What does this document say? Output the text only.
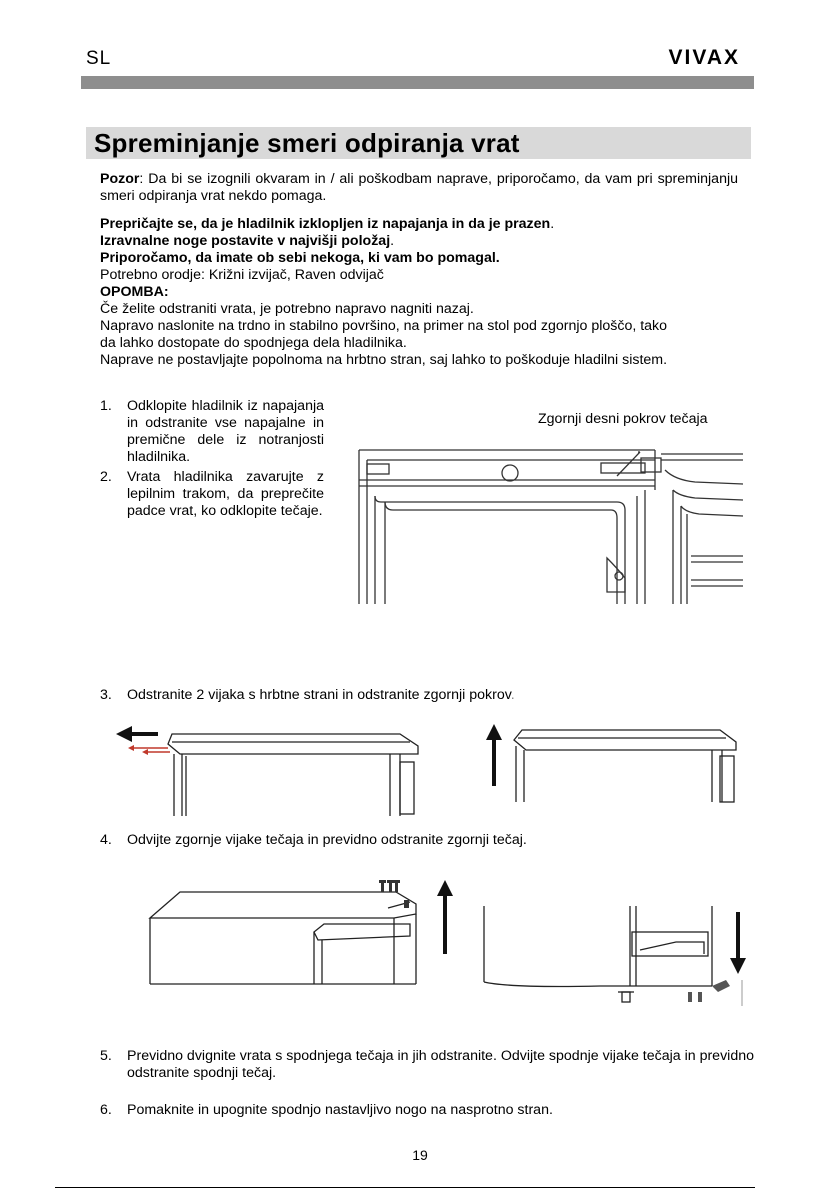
SL	VIVAX
Spreminjanje smeri odpiranja vrat
Pozor: Da bi se izognili okvaram in / ali poškodbam naprave, priporočamo, da vam pri spreminjanju smeri odpiranja vrat nekdo pomaga.
Prepričajte se, da je hladilnik izklopljen iz napajanja in da je prazen.
Izravnalne noge postavite v najvišji položaj.
Priporočamo, da imate ob sebi nekoga, ki vam bo pomagal.
Potrebno orodje: Križni izvijač, Raven odvijač
OPOMBA:
Če želite odstraniti vrata, je potrebno napravo nagniti nazaj.
Napravo naslonite na trdno in stabilno površino, na primer na stol pod zgornjo ploščo, tako
da lahko dostopate do spodnjega dela hladilnika.
Naprave ne postavljajte popolnoma na hrbtno stran, saj lahko to poškoduje hladilni sistem.
1. Odklopite hladilnik iz napajanja in odstranite vse napajalne in premične dele iz notranjosti hladilnika.
2. Vrata hladilnika zavarujte z lepilnim trakom, da preprečite padce vrat, ko odklopite tečaje.
Zgornji desni pokrov tečaja
3.	Odstranite 2 vijaka s hrbtne strani in odstranite zgornji pokrov.
4.	Odvijte zgornje vijake tečaja in previdno odstranite zgornji tečaj.
5.	Previdno dvignite vrata s spodnjega tečaja in jih odstranite. Odvijte spodnje vijake tečaja in previdno odstranite spodnji tečaj.
6.	Pomaknite in upognite spodnjo nastavljivo nogo na nasprotno stran.
19
